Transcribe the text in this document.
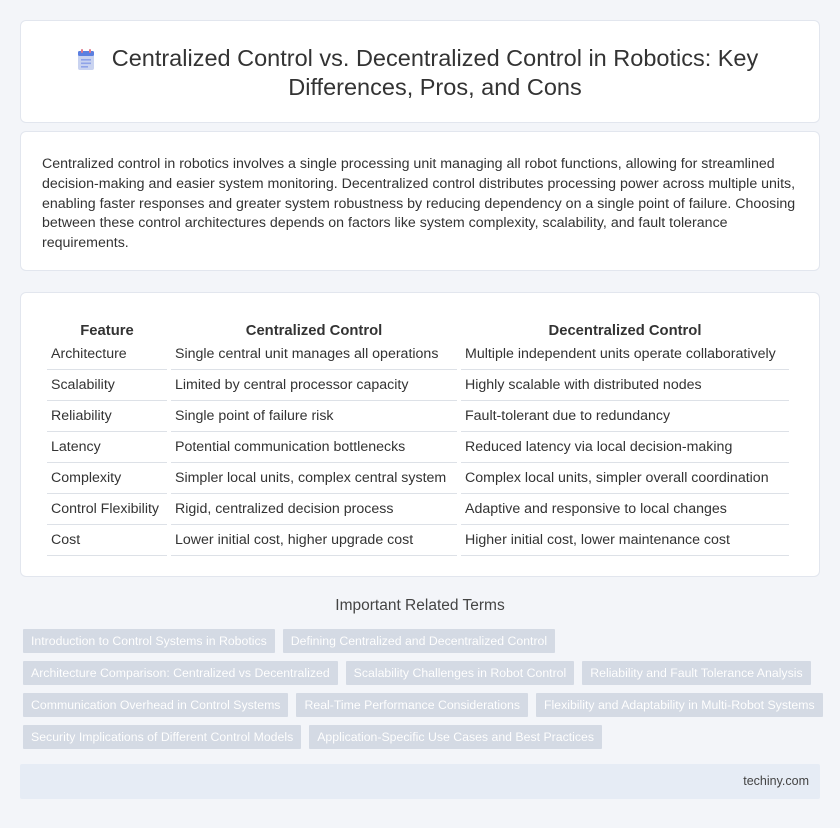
Centralized Control vs. Decentralized Control in Robotics: Key Differences, Pros, and Cons

Centralized control in robotics involves a single processing unit managing all robot functions, allowing for streamlined decision-making and easier system monitoring. Decentralized control distributes processing power across multiple units, enabling faster responses and greater system robustness by reducing dependency on a single point of failure. Choosing between these control architectures depends on factors like system complexity, scalability, and fault tolerance requirements.

Feature	Centralized Control	Decentralized Control
Architecture	Single central unit manages all operations	Multiple independent units operate collaboratively
Scalability	Limited by central processor capacity	Highly scalable with distributed nodes
Reliability	Single point of failure risk	Fault-tolerant due to redundancy
Latency	Potential communication bottlenecks	Reduced latency via local decision-making
Complexity	Simpler local units, complex central system	Complex local units, simpler overall coordination
Control Flexibility	Rigid, centralized decision process	Adaptive and responsive to local changes
Cost	Lower initial cost, higher upgrade cost	Higher initial cost, lower maintenance cost
Important Related Terms
Introduction to Control Systems in Robotics	Defining Centralized and Decentralized Control
Architecture Comparison: Centralized vs Decentralized	Scalability Challenges in Robot Control	Reliability and Fault Tolerance Analysis
Communication Overhead in Control Systems	Real-Time Performance Considerations	Flexibility and Adaptability in Multi-Robot Systems
Security Implications of Different Control Models	Application-Specific Use Cases and Best Practices
techiny.com
